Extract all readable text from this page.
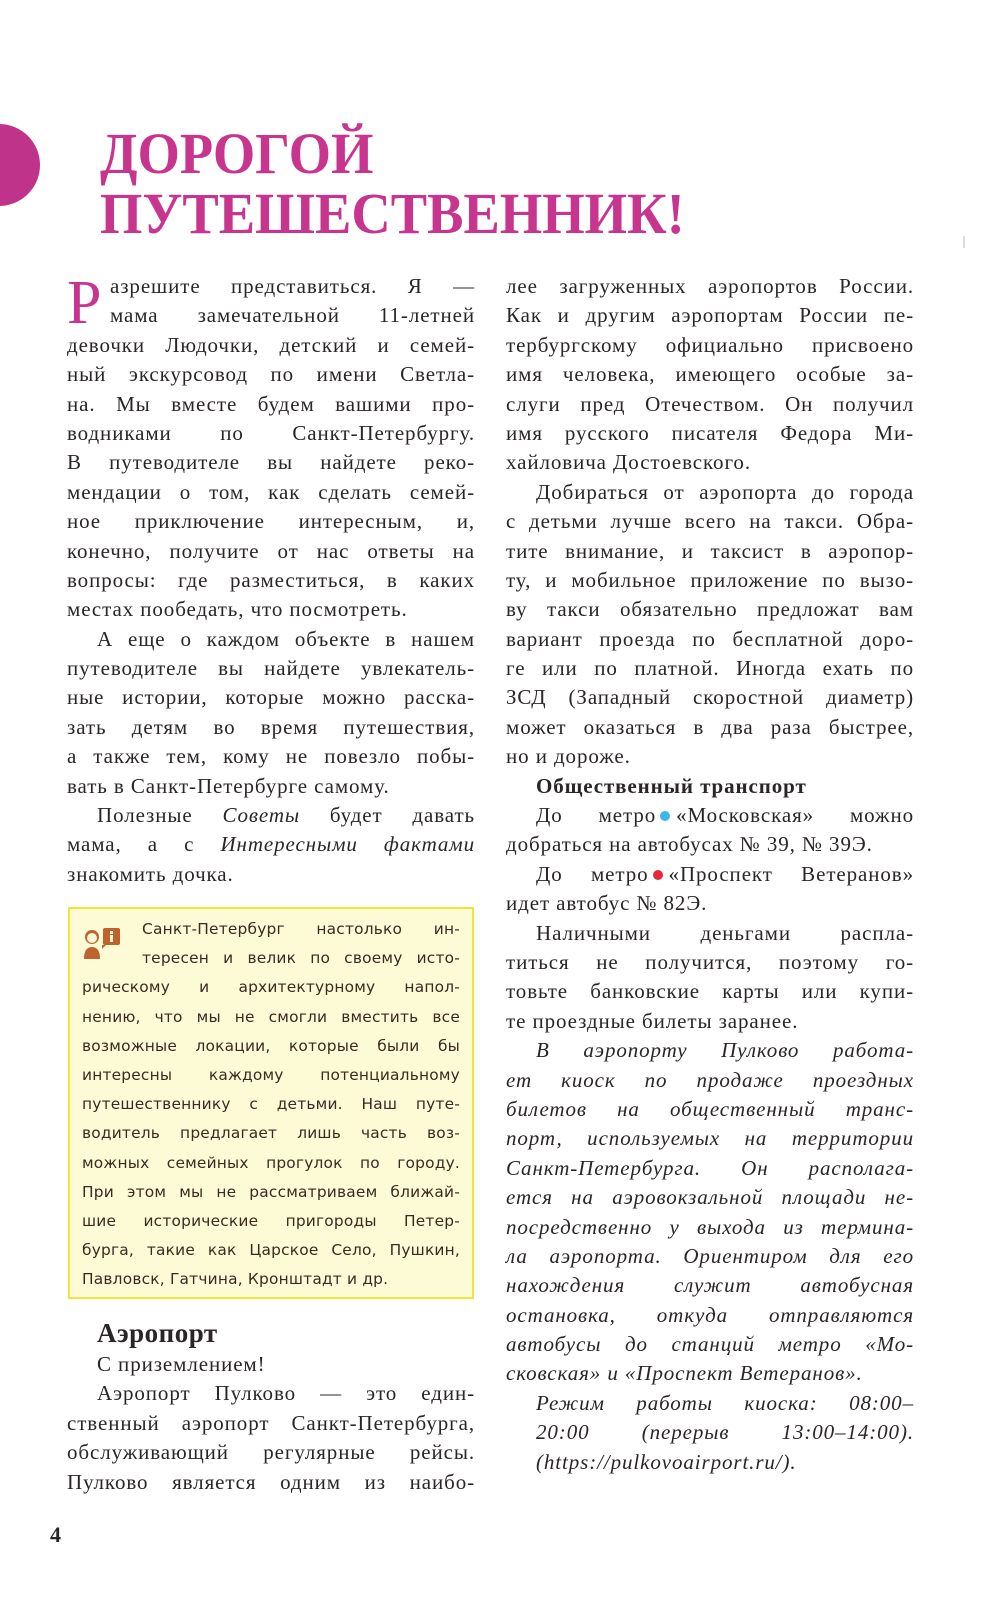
ДОРОГОЙ
ПУТЕШЕСТВЕННИК!
Р азрешите представиться. Я —
мама замечательной 11-летней
девочки Людочки, детский и семей-
ный экскурсовод по имени Светла-
на. Мы вместе будем вашими про-
водниками по Санкт-Петербургу.
В путеводителе вы найдете реко-
мендации о том, как сделать семей-
ное приключение интересным, и,
конечно, получите от нас ответы на
вопросы: где разместиться, в каких
местах пообедать, что посмотреть.
А еще о каждом объекте в нашем
путеводителе вы найдете увлекатель-
ные истории, которые можно расска-
зать детям во время путешествия,
а также тем, кому не повезло побы-
вать в Санкт-Петербурге самому.
Полезные Советы будет давать
мама, а с Интересными фактами
знакомить дочка.
Санкт-Петербург настолько ин-
тересен и велик по своему исто-
рическому и архитектурному напол-
нению, что мы не смогли вместить все
возможные локации, которые были бы
интересны каждому потенциальному
путешественнику с детьми. Наш путе-
водитель предлагает лишь часть воз-
можных семейных прогулок по городу.
При этом мы не рассматриваем ближай-
шие исторические пригороды Петер-
бурга, такие как Царское Село, Пушкин,
Павловск, Гатчина, Кронштадт и др.
Аэропорт
С приземлением!
Аэропорт Пулково — это един-
ственный аэропорт Санкт-Петербурга,
обслуживающий регулярные рейсы.
Пулково является одним из наибо-
лее загруженных аэропортов России.
Как и другим аэропортам России пе-
тербургскому официально присвоено
имя человека, имеющего особые за-
слуги пред Отечеством. Он получил
имя русского писателя Федора Ми-
хайловича Достоевского.
Добираться от аэропорта до города
с детьми лучше всего на такси. Обра-
тите внимание, и таксист в аэропор-
ту, и мобильное приложение по вызо-
ву такси обязательно предложат вам
вариант проезда по бесплатной доро-
ге или по платной. Иногда ехать по
ЗСД (Западный скоростной диаметр)
может оказаться в два раза быстрее,
но и дороже.
Общественный транспорт
До метро «Московская» можно
добраться на автобусах № 39, № 39Э.
До метро «Проспект Ветеранов»
идет автобус № 82Э.
Наличными деньгами распла-
титься не получится, поэтому го-
товьте банковские карты или купи-
те проездные билеты заранее.
В аэропорту Пулково работа-
ет киоск по продаже проездных
билетов на общественный транс-
порт, используемых на территории
Санкт-Петербурга. Он располага-
ется на аэровокзальной площади не-
посредственно у выхода из термина-
ла аэропорта. Ориентиром для его
нахождения служит автобусная
остановка, откуда отправляются
автобусы до станций метро «Мо-
сковская» и «Проспект Ветеранов».
Режим работы киоска: 08:00–
20:00 (перерыв 13:00–14:00).
(https://pulkovoairport.ru/).
4
